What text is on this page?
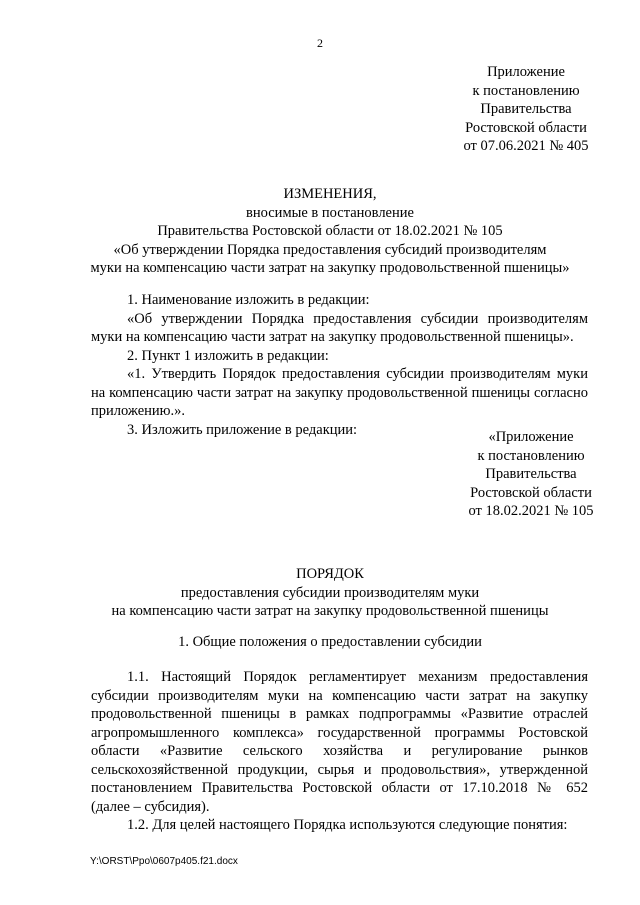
2
Приложение
к постановлению
Правительства
Ростовской области
от 07.06.2021 № 405
ИЗМЕНЕНИЯ,
вносимые в постановление
Правительства Ростовской области от 18.02.2021 № 105
«Об утверждении Порядка предоставления субсидий производителям
муки на компенсацию части затрат на закупку продовольственной пшеницы»
1. Наименование изложить в редакции:
«Об утверждении Порядка предоставления субсидии производителям
муки на компенсацию части затрат на закупку продовольственной пшеницы».
2. Пункт 1 изложить в редакции:
«1. Утвердить Порядок предоставления субсидии производителям муки
на компенсацию части затрат на закупку продовольственной пшеницы согласно
приложению.».
3. Изложить приложение в редакции:	«Приложение
к постановлению
Правительства
Ростовской области
от 18.02.2021 № 105
ПОРЯДОК
предоставления субсидии производителям муки
на компенсацию части затрат на закупку продовольственной пшеницы
1. Общие положения о предоставлении субсидии
1.1. Настоящий Порядок регламентирует механизм предоставления
субсидии производителям муки на компенсацию части затрат на закупку
продовольственной пшеницы в рамках подпрограммы «Развитие отраслей
агропромышленного комплекса» государственной программы Ростовской
области «Развитие сельского хозяйства и регулирование рынков
сельскохозяйственной продукции, сырья и продовольствия», утвержденной
постановлением Правительства Ростовской области от 17.10.2018 № 652
(далее – субсидия).
1.2. Для целей настоящего Порядка используются следующие понятия:
Y:\ORST\Ppo\0607p405.f21.docx
